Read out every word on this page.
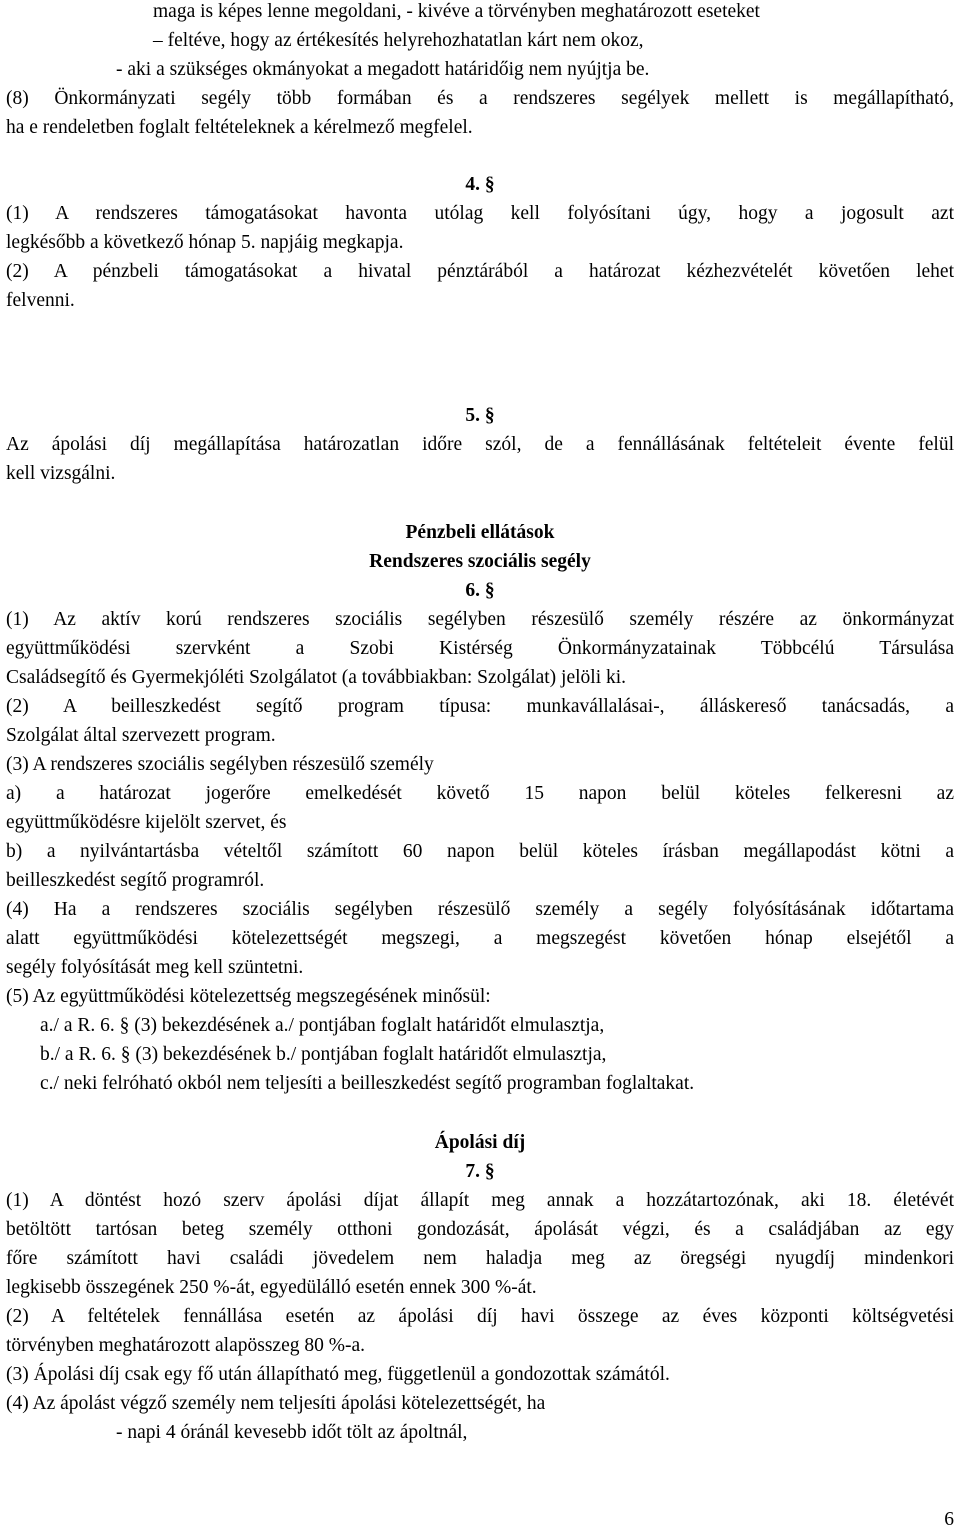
maga is képes lenne megoldani, - kivéve a törvényben meghatározott eseteket
– feltéve, hogy az értékesítés helyrehozhatatlan kárt nem okoz,
- aki a szükséges okmányokat a megadott határidőig nem nyújtja be.
(8) Önkormányzati segély több formában és a rendszeres segélyek mellett is megállapítható,
ha e rendeletben foglalt feltételeknek a kérelmező megfelel.
4. §
(1) A rendszeres támogatásokat havonta utólag kell folyósítani úgy, hogy a jogosult azt
legkésőbb a következő hónap 5. napjáig megkapja.
(2) A pénzbeli támogatásokat a hivatal pénztárából a határozat kézhezvételét követően lehet
felvenni.
5. §
Az ápolási díj megállapítása határozatlan időre szól, de a fennállásának feltételeit évente felül
kell vizsgálni.
Pénzbeli ellátások
Rendszeres szociális segély
6. §
(1) Az aktív korú rendszeres szociális segélyben részesülő személy részére az önkormányzat
együttműködési szervként a Szobi Kistérség Önkormányzatainak Többcélú Társulása
Családsegítő és Gyermekjóléti Szolgálatot (a továbbiakban: Szolgálat) jelöli ki.
(2) A beilleszkedést segítő program típusa: munkavállalásai-, álláskereső tanácsadás, a
Szolgálat által szervezett program.
(3) A rendszeres szociális segélyben részesülő személy
a) a határozat jogerőre emelkedését követő 15 napon belül köteles felkeresni az
együttműködésre kijelölt szervet, és
b) a nyilvántartásba vételtől számított 60 napon belül köteles írásban megállapodást kötni a
beilleszkedést segítő programról.
(4) Ha a rendszeres szociális segélyben részesülő személy a segély folyósításának időtartama
alatt együttműködési kötelezettségét megszegi, a megszegést követően hónap elsejétől a
segély folyósítását meg kell szüntetni.
(5) Az együttműködési kötelezettség megszegésének minősül:
a./ a R. 6. § (3) bekezdésének a./ pontjában foglalt határidőt elmulasztja,
b./ a R. 6. § (3) bekezdésének b./ pontjában foglalt határidőt elmulasztja,
c./ neki felróható okból nem teljesíti a beilleszkedést segítő programban foglaltakat.
Ápolási díj
7. §
(1) A döntést hozó szerv ápolási díjat állapít meg annak a hozzátartozónak, aki 18. életévét
betöltött tartósan beteg személy otthoni gondozását, ápolását végzi, és a családjában az egy
főre számított havi családi jövedelem nem haladja meg az öregségi nyugdíj mindenkori
legkisebb összegének 250 %-át, egyedülálló esetén ennek 300 %-át.
(2) A feltételek fennállása esetén az ápolási díj havi összege az éves központi költségvetési
törvényben meghatározott alapösszeg 80 %-a.
(3) Ápolási díj csak egy fő után állapítható meg, függetlenül a gondozottak számától.
(4) Az ápolást végző személy nem teljesíti ápolási kötelezettségét, ha
- napi 4 óránál kevesebb időt tölt az ápoltnál,
6
